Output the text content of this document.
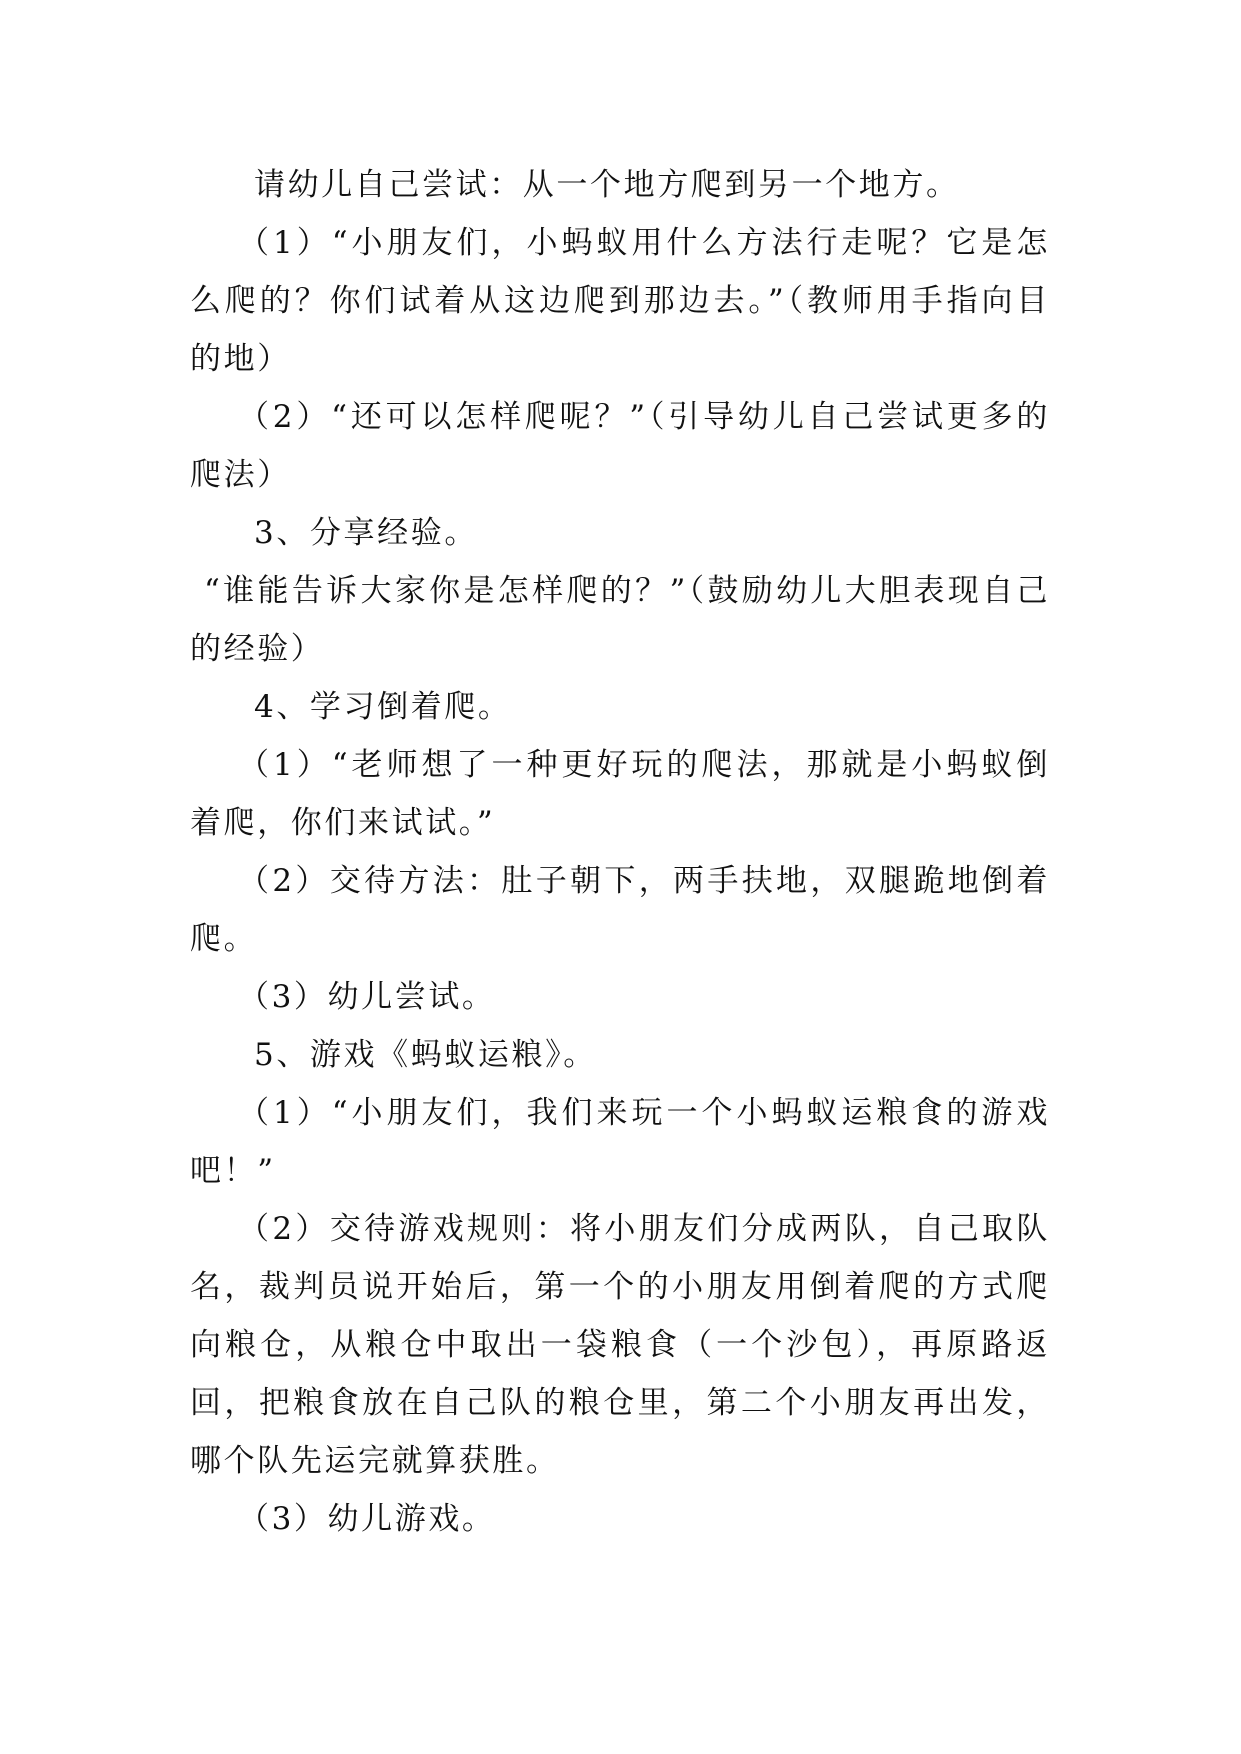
请幼儿自己尝试：从一个地方爬到另一个地方。

（1）“小朋友们，小蚂蚁用什么方法行走呢？它是怎么爬的？你们试着从这边爬到那边去。”（教师用手指向目的地）

（2）“还可以怎样爬呢？”（引导幼儿自己尝试更多的爬法）

3、分享经验。

“谁能告诉大家你是怎样爬的？”（鼓励幼儿大胆表现自己的经验）

4、学习倒着爬。

（1）“老师想了一种更好玩的爬法，那就是小蚂蚁倒着爬，你们来试试。”

（2）交待方法：肚子朝下，两手扶地，双腿跪地倒着爬。

（3）幼儿尝试。

5、游戏《蚂蚁运粮》。

（1）“小朋友们，我们来玩一个小蚂蚁运粮食的游戏吧！”

（2）交待游戏规则：将小朋友们分成两队，自己取队名，裁判员说开始后，第一个的小朋友用倒着爬的方式爬向粮仓，从粮仓中取出一袋粮食（一个沙包），再原路返回，把粮食放在自己队的粮仓里，第二个小朋友再出发，哪个队先运完就算获胜。

（3）幼儿游戏。
